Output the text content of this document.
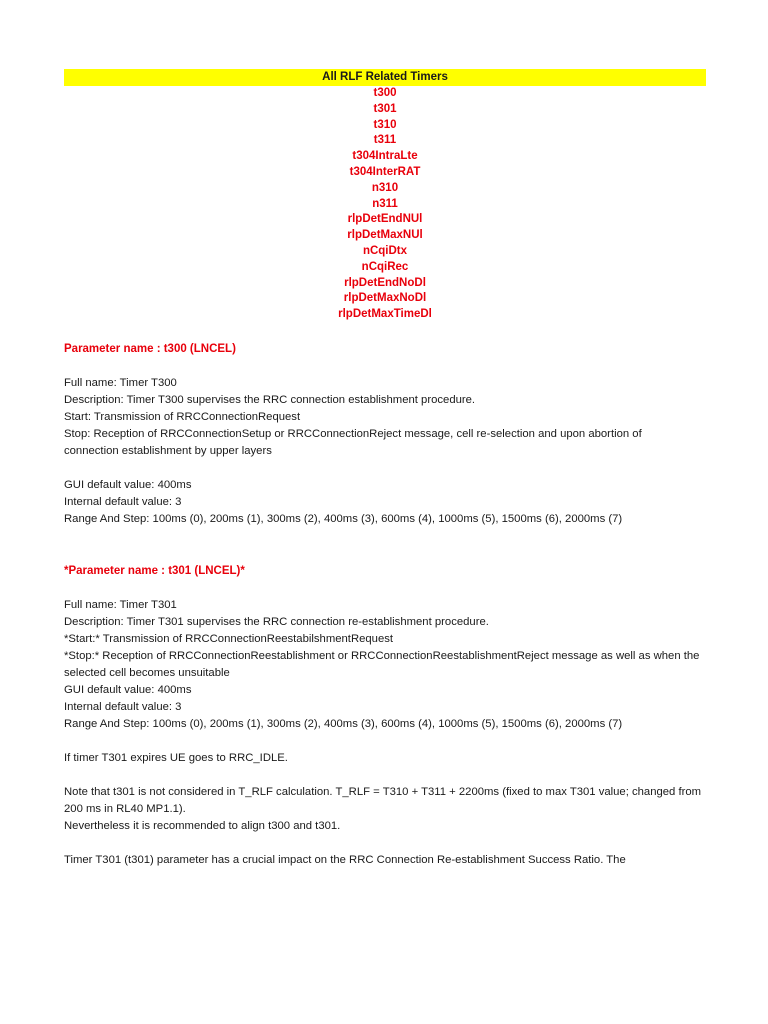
All RLF Related Timers
t300
t301
t310
t311
t304IntraLte
t304InterRAT
n310
n311
rlpDetEndNUl
rlpDetMaxNUl
nCqiDtx
nCqiRec
rlpDetEndNoDl
rlpDetMaxNoDl
rlpDetMaxTimeDl
Parameter name : t300 (LNCEL)
Full name: Timer T300
Description: Timer T300 supervises the RRC connection establishment procedure.
Start: Transmission of RRCConnectionRequest
Stop: Reception of RRCConnectionSetup or RRCConnectionReject message, cell re-selection and upon abortion of
connection establishment by upper layers
GUI default value: 400ms
Internal default value: 3
Range And Step: 100ms (0), 200ms (1), 300ms (2), 400ms (3), 600ms (4), 1000ms (5), 1500ms (6), 2000ms (7)
*Parameter name : t301 (LNCEL)*
Full name: Timer T301
Description: Timer T301 supervises the RRC connection re-establishment procedure.
*Start:* Transmission of RRCConnectionReestabilshmentRequest
*Stop:* Reception of RRCConnectionReestablishment or RRCConnectionReestablishmentReject message as well as when the
selected cell becomes unsuitable
GUI default value: 400ms
Internal default value: 3
Range And Step: 100ms (0), 200ms (1), 300ms (2), 400ms (3), 600ms (4), 1000ms (5), 1500ms (6), 2000ms (7)
If timer T301 expires UE goes to RRC_IDLE.
Note that t301 is not considered in T_RLF calculation. T_RLF = T310 + T311 + 2200ms (fixed to max T301 value; changed from
200 ms in RL40 MP1.1).
Nevertheless it is recommended to align t300 and t301.
Timer T301 (t301) parameter has a crucial impact on the RRC Connection Re-establishment Success Ratio. The
